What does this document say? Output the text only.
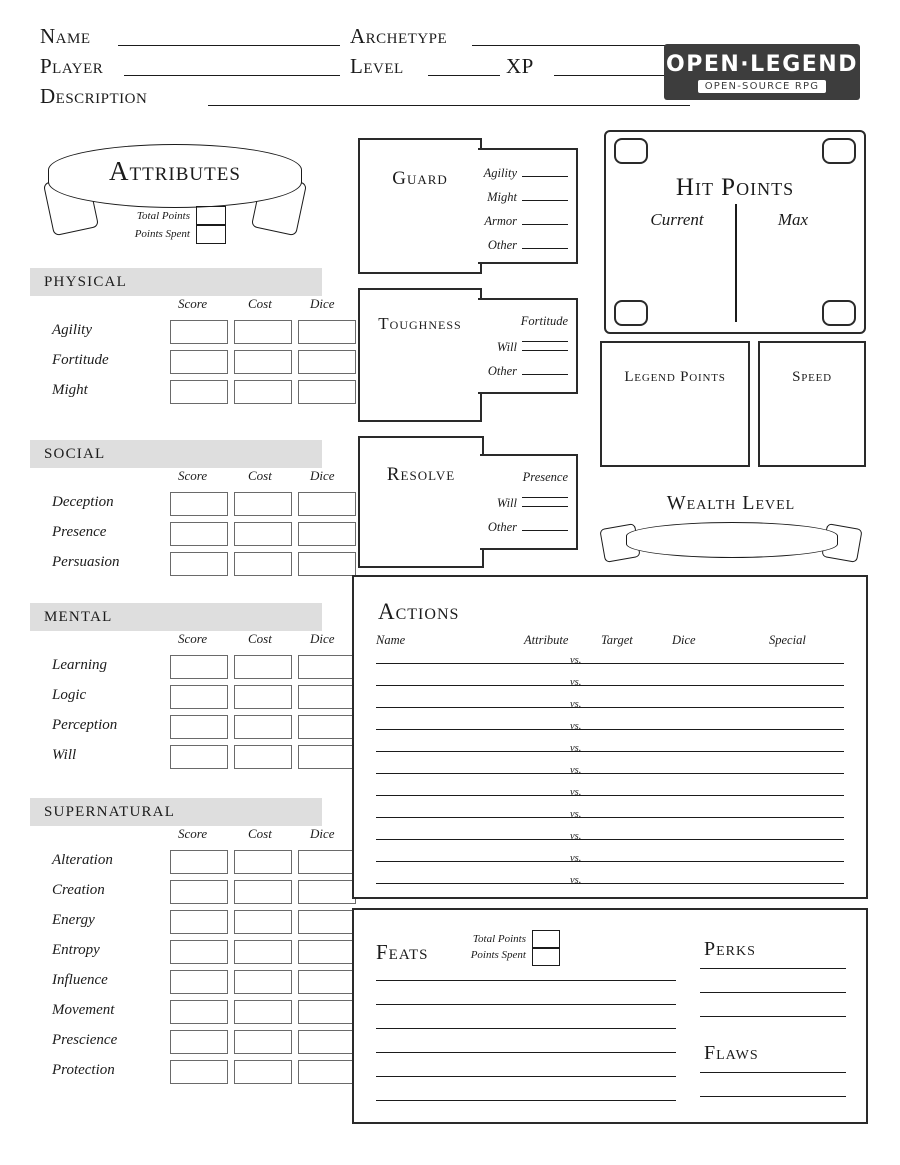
Name	Archetype
Player	Level	XP
Description
OPEN·LEGEND
OPEN-SOURCE RPG
Attributes
Total Points
Points Spent
PHYSICAL
Score	Cost	Dice
Agility
Fortitude
Might
SOCIAL
Score	Cost	Dice
Deception
Presence
Persuasion
MENTAL
Score	Cost	Dice
Learning
Logic
Perception
Will
SUPERNATURAL
Score	Cost	Dice
Alteration
Creation
Energy
Entropy
Influence
Movement
Prescience
Protection
Guard	Agility
Might
Armor
Other
Toughness	Fortitude
Will
Other
Resolve	Presence
Will
Other
Hit Points
Current	Max
Legend Points	Speed
Wealth Level
Actions
Name	Attribute	Target	Dice	Special
vs.
vs.
vs.
vs.
vs.
vs.
vs.
vs.
vs.
vs.
vs.
Feats
Total Points
Points Spent	Perks
Flaws
